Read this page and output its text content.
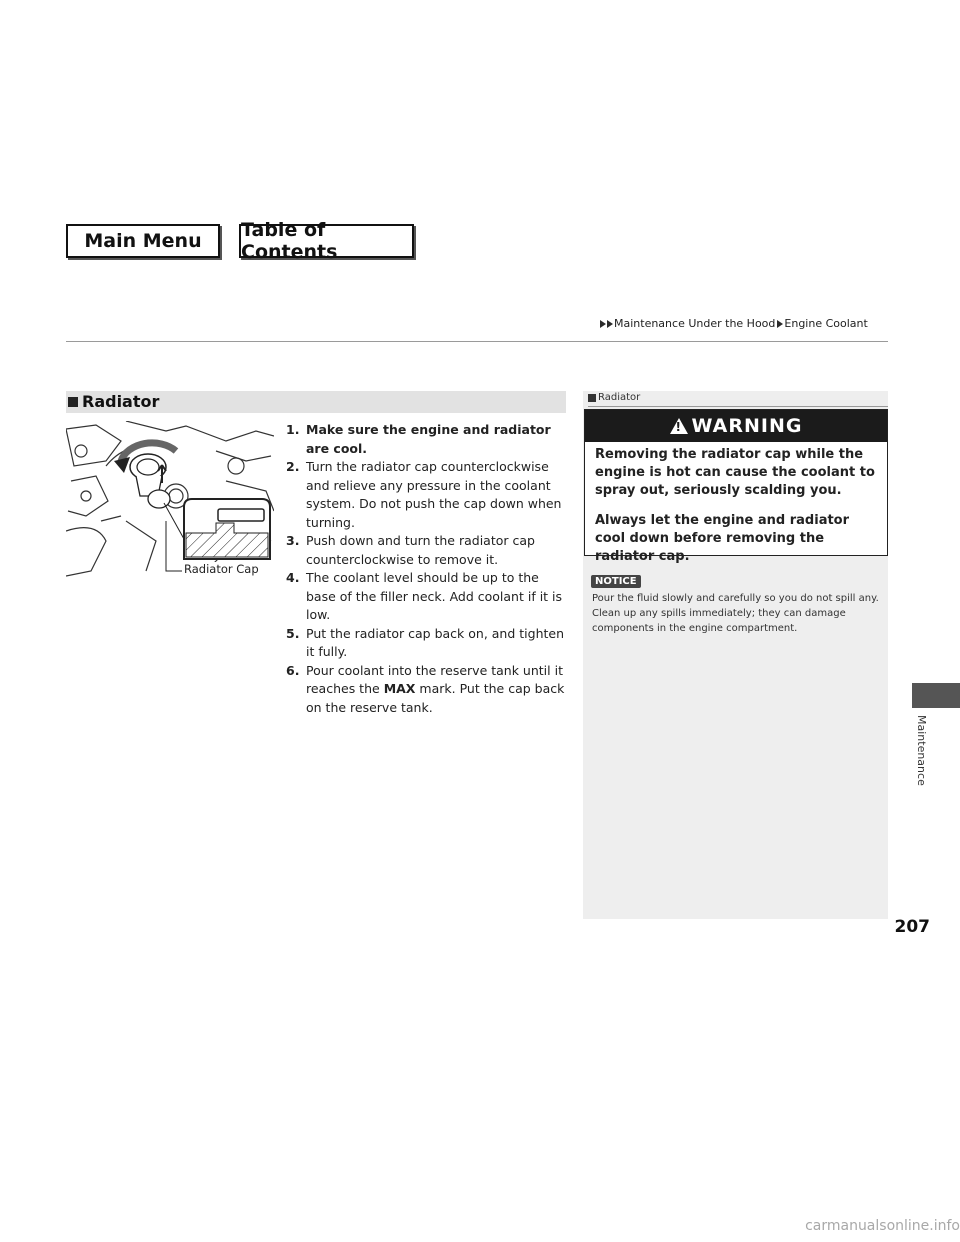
Main Menu	Table of Contents
Maintenance Under the Hood Engine Coolant
Radiator
Radiator Cap
1. Make sure the engine and radiator are cool.
2. Turn the radiator cap counterclockwise and relieve any pressure in the coolant system. Do not push the cap down when turning.
3. Push down and turn the radiator cap counterclockwise to remove it.
4. The coolant level should be up to the base of the filler neck. Add coolant if it is low.
5. Put the radiator cap back on, and tighten it fully.
6. Pour coolant into the reserve tank until it reaches the MAX mark. Put the cap back on the reserve tank.
Radiator
!
WARNING

Removing the radiator cap while the engine is hot can cause the coolant to spray out, seriously scalding you.

Always let the engine and radiator cool down before removing the radiator cap.

NOTICE
Pour the fluid slowly and carefully so you do not spill any. Clean up any spills immediately; they can damage components in the engine compartment.
Maintenance
207
carmanualsonline.info
